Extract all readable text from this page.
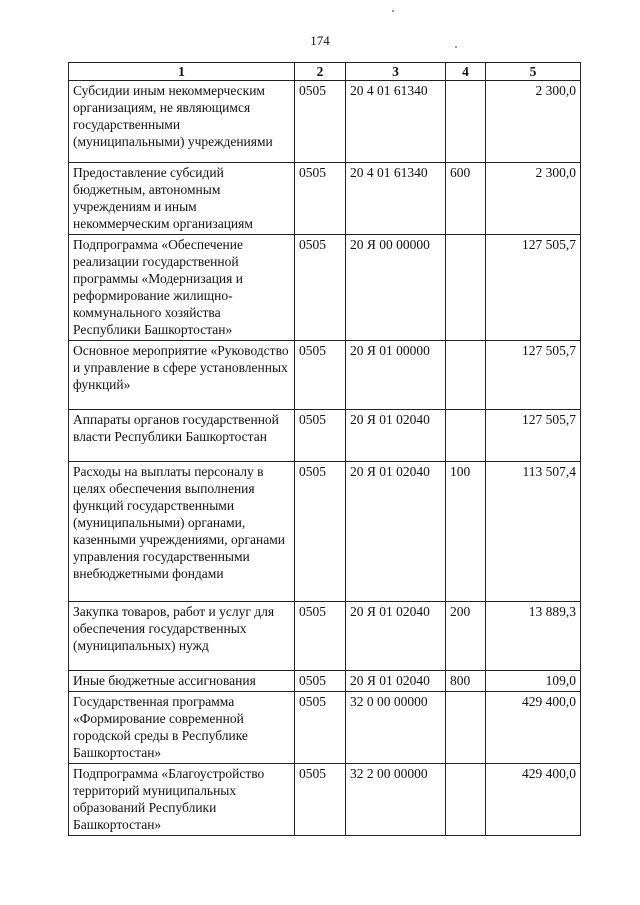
174
1	2	3	4	5
Субсидии иным некоммерческим организациям, не являющимся государственными (муниципальными) учреждениями	0505	20 4 01 61340		2 300,0
Предоставление субсидий бюджетным, автономным учреждениям и иным некоммерческим организациям	0505	20 4 01 61340	600	2 300,0
Подпрограмма «Обеспечение реализации государственной программы «Модернизация и реформирование жилищно-коммунального хозяйства Республики Башкортостан»	0505	20 Я 00 00000		127 505,7
Основное мероприятие «Руководство и управление в сфере установленных функций»	0505	20 Я 01 00000		127 505,7
Аппараты органов государственной власти Республики Башкортостан	0505	20 Я 01 02040		127 505,7
Расходы на выплаты персоналу в целях обеспечения выполнения функций государственными (муниципальными) органами, казенными учреждениями, органами управления государственными внебюджетными фондами	0505	20 Я 01 02040	100	113 507,4
Закупка товаров, работ и услуг для обеспечения государственных (муниципальных) нужд	0505	20 Я 01 02040	200	13 889,3
Иные бюджетные ассигнования	0505	20 Я 01 02040	800	109,0
Государственная программа «Формирование современной городской среды в Республике Башкортостан»	0505	32 0 00 00000		429 400,0
Подпрограмма «Благоустройство территорий муниципальных образований Республики Башкортостан»	0505	32 2 00 00000		429 400,0
